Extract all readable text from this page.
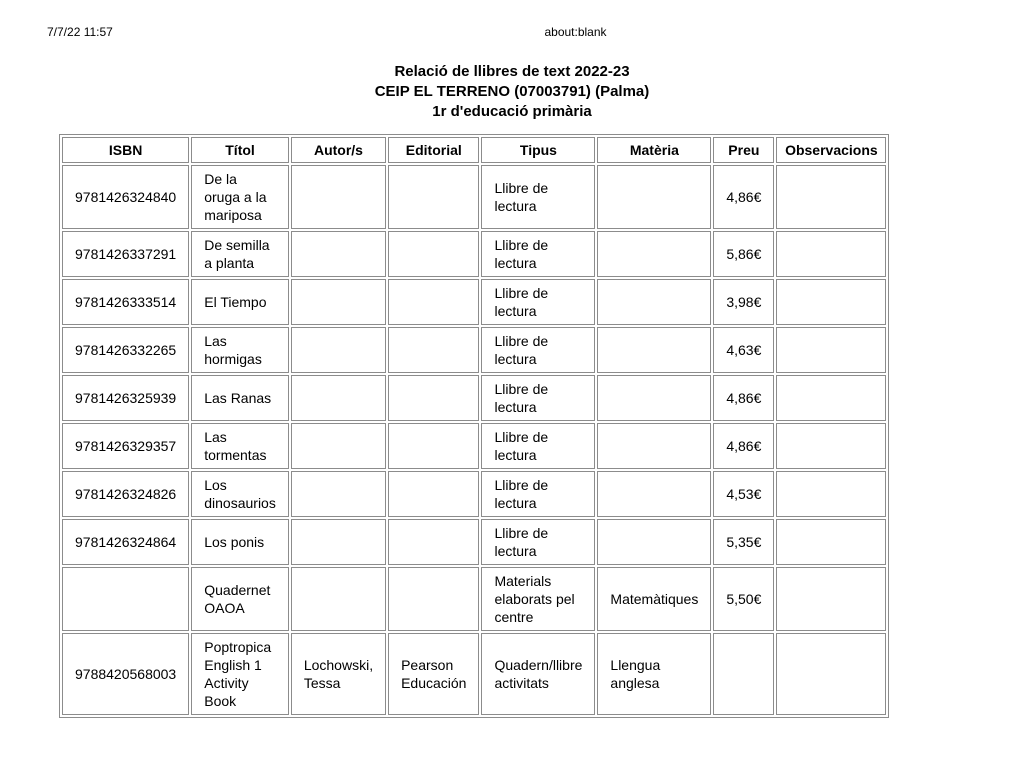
7/7/22 11:57	about:blank
Relació de llibres de text 2022-23
CEIP EL TERRENO (07003791) (Palma)
1r d'educació primària
ISBN	Títol	Autor/s	Editorial	Tipus	Matèria	Preu	Observacions
9781426324840	De la oruga a la mariposa			Llibre de lectura		4,86€	
9781426337291	De semilla a planta			Llibre de lectura		5,86€	
9781426333514	El Tiempo			Llibre de lectura		3,98€	
9781426332265	Las hormigas			Llibre de lectura		4,63€	
9781426325939	Las Ranas			Llibre de lectura		4,86€	
9781426329357	Las tormentas			Llibre de lectura		4,86€	
9781426324826	Los dinosaurios			Llibre de lectura		4,53€	
9781426324864	Los ponis			Llibre de lectura		5,35€	
	Quadernet OAOA			Materials elaborats pel centre	Matemàtiques	5,50€	
9788420568003	Poptropica English 1 Activity Book	Lochowski, Tessa	Pearson Educación	Quadern/llibre activitats	Llengua anglesa		
